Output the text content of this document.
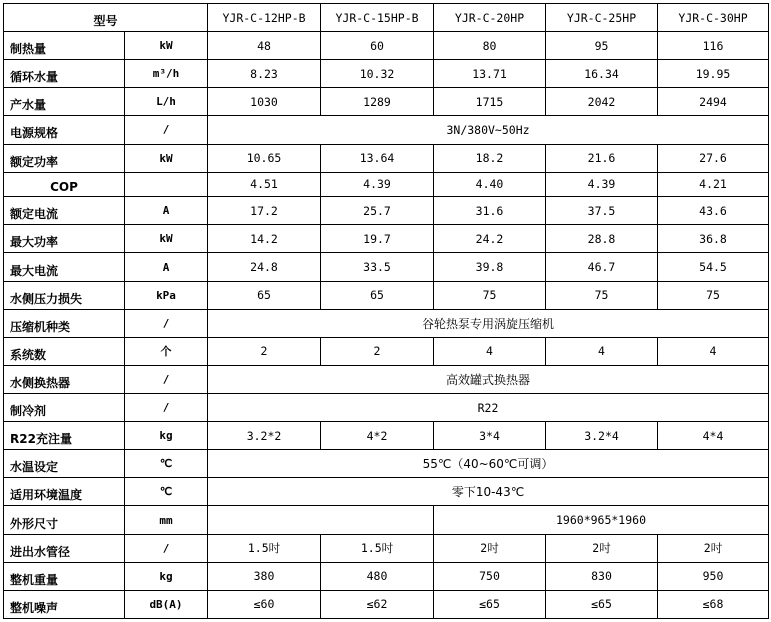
型号		YJR-C-12HP-B	YJR-C-15HP-B	YJR-C-20HP	YJR-C-25HP	YJR-C-30HP
制热量	kW	48	60	80	95	116
循环水量	m³/h	8.23	10.32	13.71	16.34	19.95
产水量	L/h	1030	1289	1715	2042	2494
电源规格	/	3N/380V~50Hz				
额定功率	kW	10.65	13.64	18.2	21.6	27.6
COP		4.51	4.39	4.40	4.39	4.21
额定电流	A	17.2	25.7	31.6	37.5	43.6
最大功率	kW	14.2	19.7	24.2	28.8	36.8
最大电流	A	24.8	33.5	39.8	46.7	54.5
水侧压力损失	kPa	65	65	75	75	75
压缩机种类	/	谷轮热泵专用涡旋压缩机				
系统数	个	2	2	4	4	4
水侧换热器	/	高效罐式换热器				
制冷剂	/	R22				
R22充注量	kg	3.2*2	4*2	3*4	3.2*4	4*4
水温设定	℃	55℃（40~60℃可调）				
适用环境温度	℃	零下10-43℃				
外形尺寸	mm			1960*965*1960		
进出水管径	/	1.5吋	1.5吋	2吋	2吋	2吋
整机重量	kg	380	480	750	830	950
整机噪声	dB(A)	≤60	≤62	≤65	≤65	≤68
